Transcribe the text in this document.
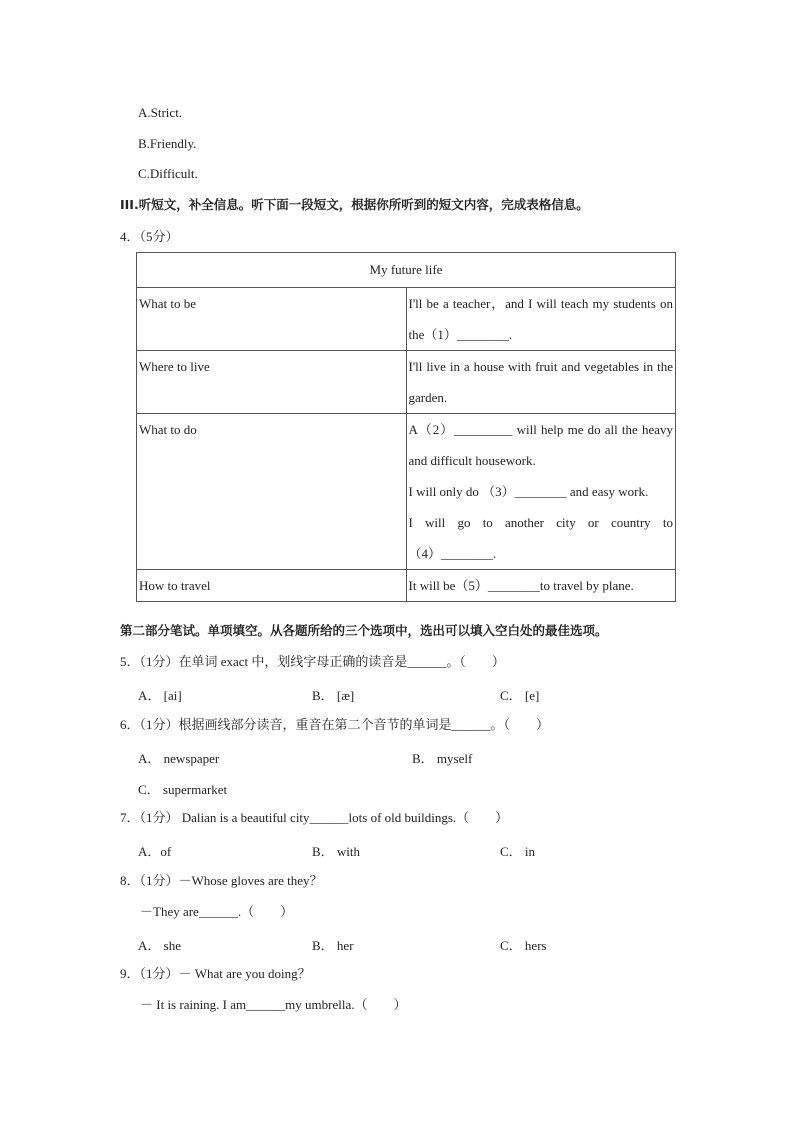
A.Strict.
B.Friendly.
C.Difficult.
III.听短文，补全信息。听下面一段短文，根据你所听到的短文内容，完成表格信息。
4．（5分）
My future life	
What to be	I'll be a teacher，and I will teach my students on
the（1）________.

Where to live	I'll live in a house with fruit and vegetables in the
garden.

What to do	A（2）_________ will help me do all the heavy
and difficult housework.
I will only do （3）________ and easy work.
I will go to another city or country to
（4）________.

How to travel	It will be（5）________to travel by plane.
第二部分笔试。单项填空。从各题所给的三个选项中，选出可以填入空白处的最佳选项。
5．（1分）在单词 exact 中，划线字母正确的读音是______。（　　）
A． [ai]	B． [æ]	C． [e]
6．（1分）根据画线部分读音，重音在第二个音节的单词是______。（　　）
A． newspaper	B． myself
C． supermarket
7．（1分） Dalian is a beautiful city______lots of old buildings.（　　）
A．of	B． with	C． in
8．（1分）－Whose gloves are they？
－They are______.（　　）
A． she	B． her	C． hers
9．（1分）－ What are you doing？
－ It is raining. I am______my umbrella.（　　）
